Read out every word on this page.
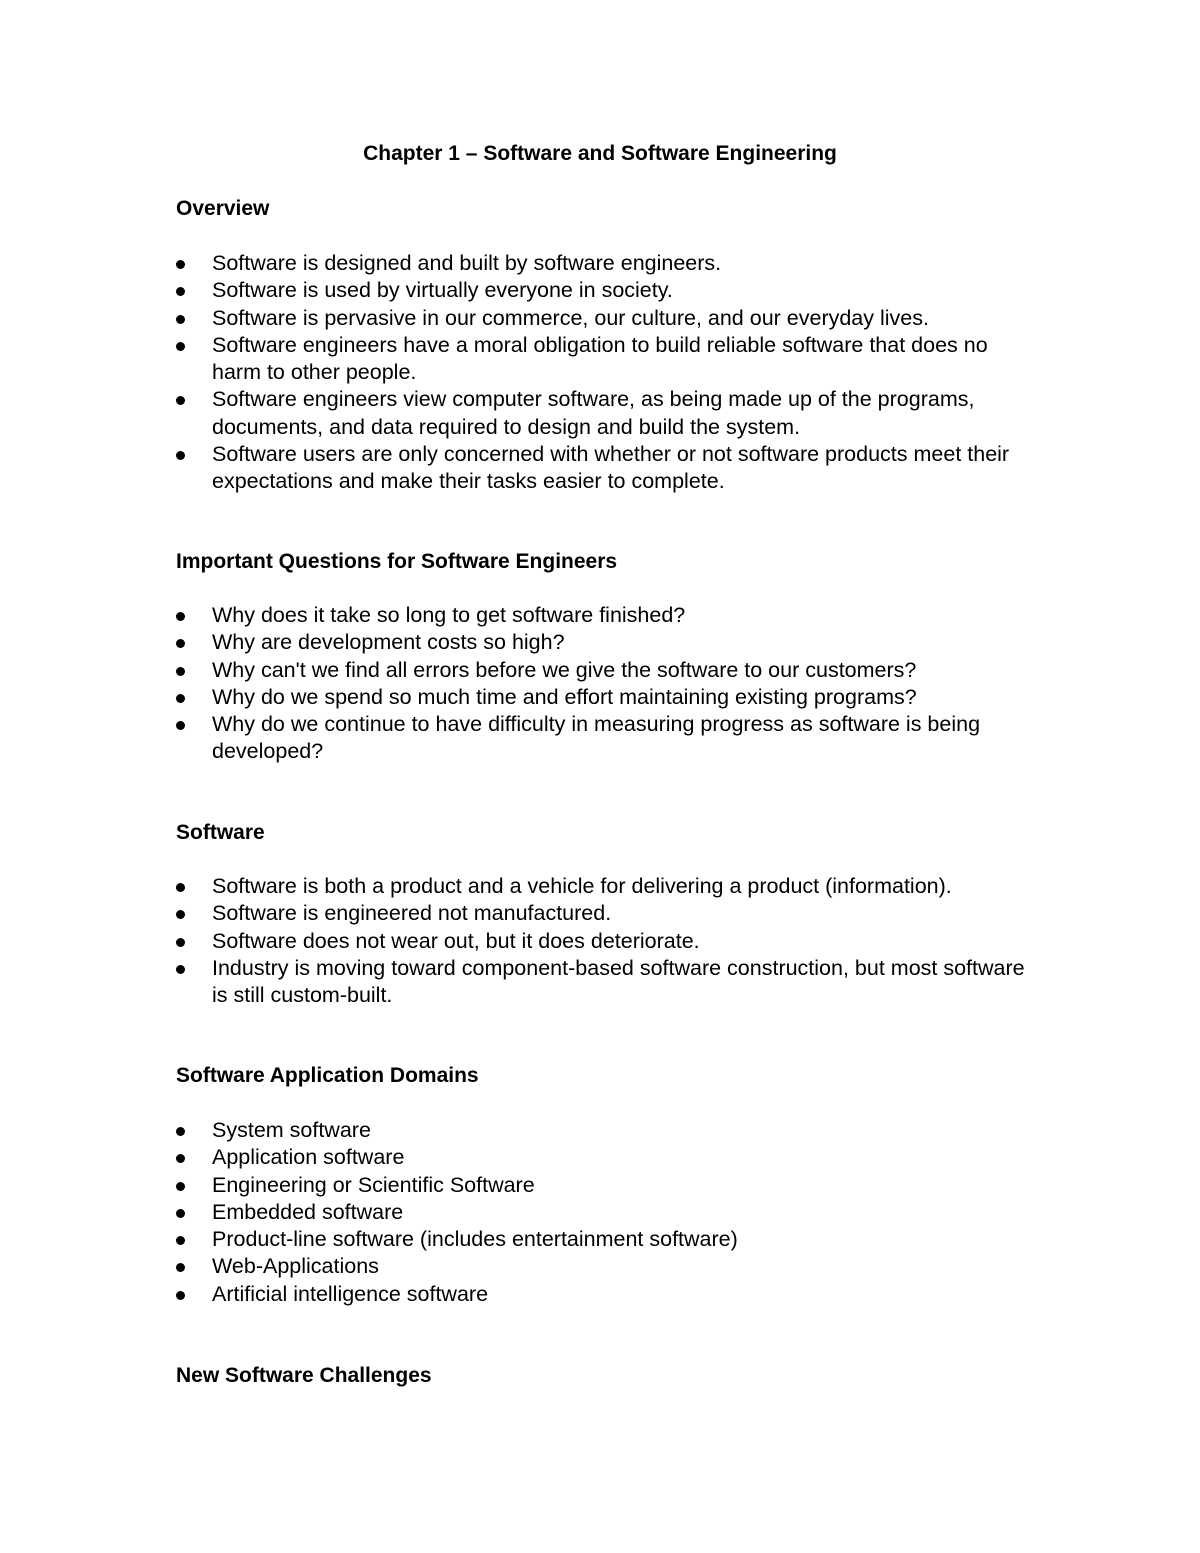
Chapter 1 – Software and Software Engineering
Overview
Software is designed and built by software engineers.
Software is used by virtually everyone in society.
Software is pervasive in our commerce, our culture, and our everyday lives.
Software engineers have a moral obligation to build reliable software that does no harm to other people.
Software engineers view computer software, as being made up of the programs, documents, and data required to design and build the system.
Software users are only concerned with whether or not software products meet their expectations and make their tasks easier to complete.
Important Questions for Software Engineers
Why does it take so long to get software finished?
Why are development costs so high?
Why can't we find all errors before we give the software to our customers?
Why do we spend so much time and effort maintaining existing programs?
Why do we continue to have difficulty in measuring progress as software is being developed?
Software
Software is both a product and a vehicle for delivering a product (information).
Software is engineered not manufactured.
Software does not wear out, but it does deteriorate.
Industry is moving toward component-based software construction, but most software is still custom-built.
Software Application Domains
System software
Application software
Engineering or Scientific Software
Embedded software
Product-line software (includes entertainment software)
Web-Applications
Artificial intelligence software
New Software Challenges
